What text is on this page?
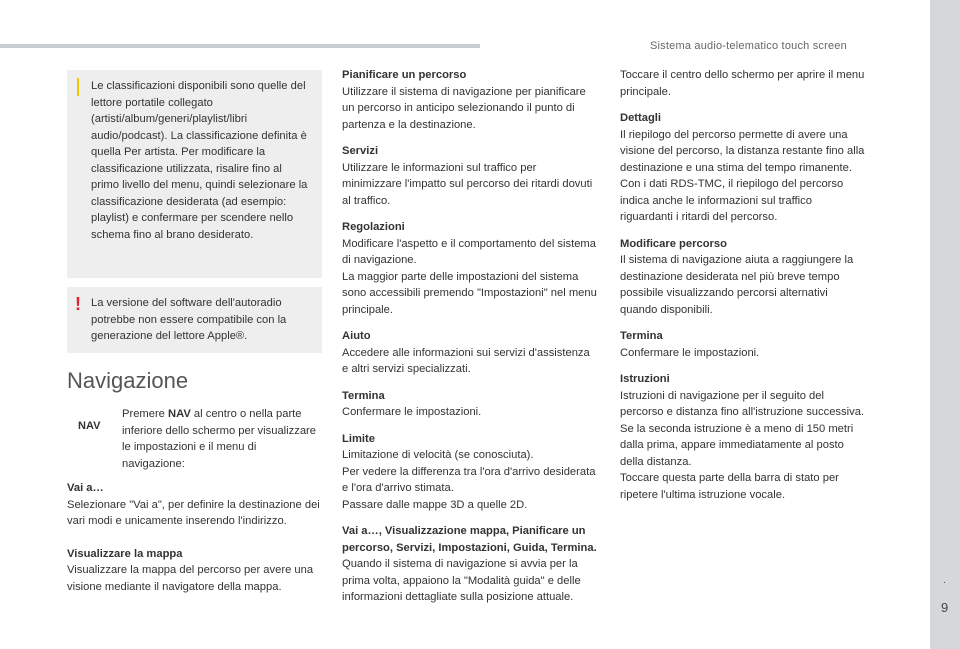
Sistema audio-telematico touch screen
.
9
Le classificazioni disponibili sono quelle del lettore portatile collegato (artisti/album/generi/playlist/libri audio/podcast). La classificazione definita è quella Per artista. Per modificare la classificazione utilizzata, risalire fino al primo livello del menu, quindi selezionare la classificazione desiderata (ad esempio: playlist) e confermare per scendere nello schema fino al brano desiderato.
! La versione del software dell'autoradio potrebbe non essere compatibile con la generazione del lettore Apple®.
Navigazione
NAV
Premere NAV al centro o nella parte inferiore dello schermo per visualizzare le impostazioni e il menu di navigazione:
Vai a…
Selezionare "Vai a", per definire la destinazione dei vari modi e unicamente inserendo l'indirizzo.
Visualizzare la mappa
Visualizzare la mappa del percorso per avere una visione mediante il navigatore della mappa.
Pianificare un percorso
Utilizzare il sistema di navigazione per pianificare un percorso in anticipo selezionando il punto di partenza e la destinazione.
Servizi
Utilizzare le informazioni sul traffico per minimizzare l'impatto sul percorso dei ritardi dovuti al traffico.
Regolazioni
Modificare l'aspetto e il comportamento del sistema di navigazione.
La maggior parte delle impostazioni del sistema sono accessibili premendo "Impostazioni" nel menu principale.
Aiuto
Accedere alle informazioni sui servizi d'assistenza e altri servizi specializzati.
Termina
Confermare le impostazioni.
Limite
Limitazione di velocità (se conosciuta).
Per vedere la differenza tra l'ora d'arrivo desiderata e l'ora d'arrivo stimata.
Passare dalle mappe 3D a quelle 2D.
Vai a…, Visualizzazione mappa, Pianificare un percorso, Servizi, Impostazioni, Guida, Termina.
Quando il sistema di navigazione si avvia per la prima volta, appaiono la "Modalità guida" e delle informazioni dettagliate sulla posizione attuale.
Toccare il centro dello schermo per aprire il menu principale.
Dettagli
Il riepilogo del percorso permette di avere una visione del percorso, la distanza restante fino alla destinazione e una stima del tempo rimanente.
Con i dati RDS-TMC, il riepilogo del percorso indica anche le informazioni sul traffico riguardanti i ritardi del percorso.
Modificare percorso
Il sistema di navigazione aiuta a raggiungere la destinazione desiderata nel più breve tempo possibile visualizzando percorsi alternativi quando disponibili.
Termina
Confermare le impostazioni.
Istruzioni
Istruzioni di navigazione per il seguito del percorso e distanza fino all'istruzione successiva. Se la seconda istruzione è a meno di 150 metri dalla prima, appare immediatamente al posto della distanza.
Toccare questa parte della barra di stato per ripetere l'ultima istruzione vocale.
